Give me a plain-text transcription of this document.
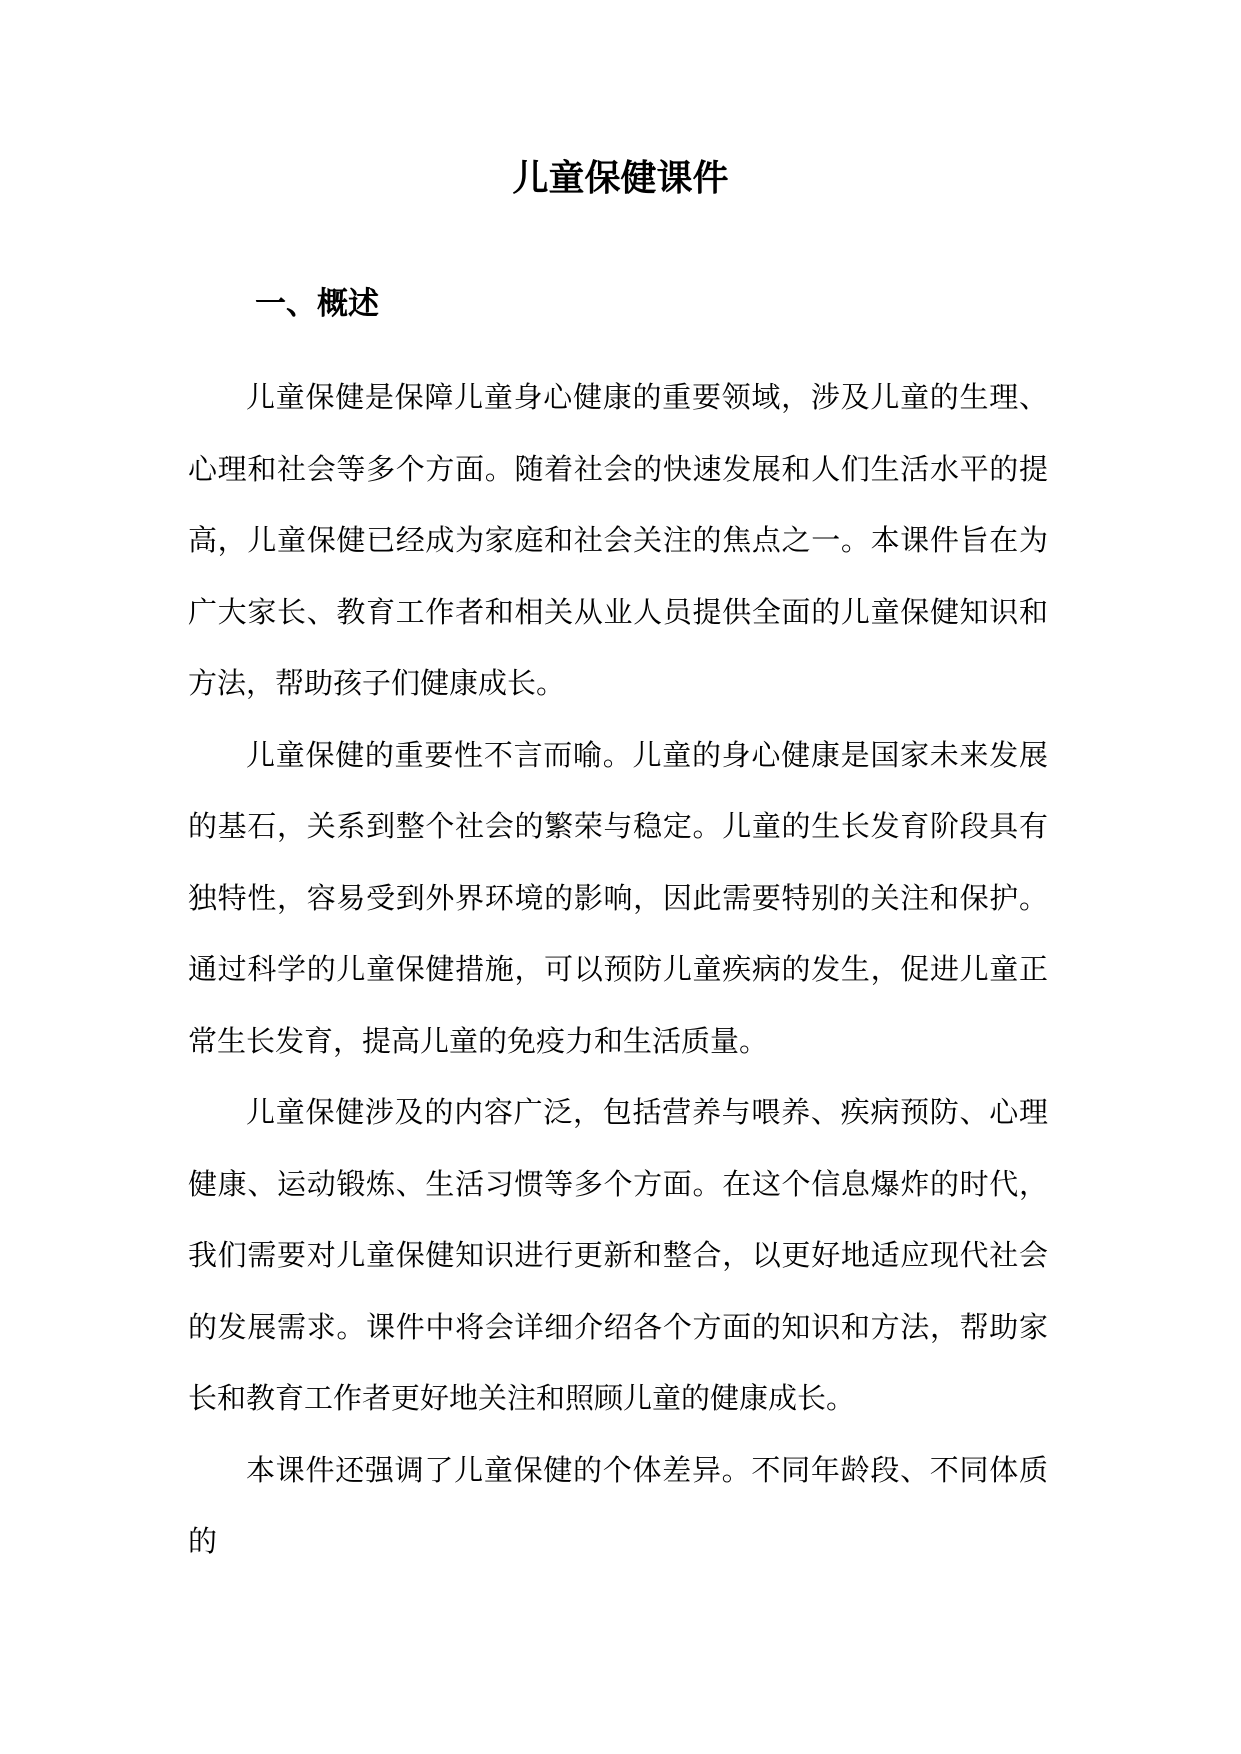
儿童保健课件
一、概述

儿童保健是保障儿童身心健康的重要领域，涉及儿童的生理、心理和社会等多个方面。随着社会的快速发展和人们生活水平的提高，儿童保健已经成为家庭和社会关注的焦点之一。本课件旨在为广大家长、教育工作者和相关从业人员提供全面的儿童保健知识和方法，帮助孩子们健康成长。

儿童保健的重要性不言而喻。儿童的身心健康是国家未来发展的基石，关系到整个社会的繁荣与稳定。儿童的生长发育阶段具有独特性，容易受到外界环境的影响，因此需要特别的关注和保护。通过科学的儿童保健措施，可以预防儿童疾病的发生，促进儿童正常生长发育，提高儿童的免疫力和生活质量。

儿童保健涉及的内容广泛，包括营养与喂养、疾病预防、心理健康、运动锻炼、生活习惯等多个方面。在这个信息爆炸的时代，我们需要对儿童保健知识进行更新和整合，以更好地适应现代社会的发展需求。课件中将会详细介绍各个方面的知识和方法，帮助家长和教育工作者更好地关注和照顾儿童的健康成长。

本课件还强调了儿童保健的个体差异。不同年龄段、不同体质的
